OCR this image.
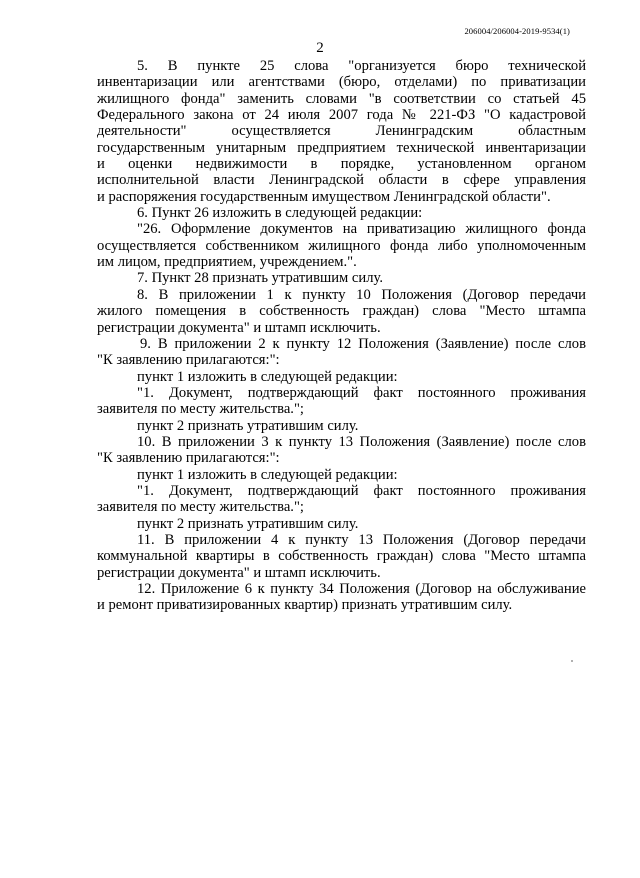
206004/206004-2019-9534(1)
2

5. В пункте 25 слова "организуется бюро технической

инвентаризации или агентствами (бюро, отделами) по приватизации

жилищного фонда" заменить словами "в соответствии со статьей 45

Федерального закона от 24 июля 2007 года № 221-ФЗ "О кадастровой

деятельности" осуществляется Ленинградским областным

государственным унитарным предприятием технической инвентаризации

и оценки недвижимости в порядке, установленном органом

исполнительной власти Ленинградской области в сфере управления

и распоряжения государственным имуществом Ленинградской области".

6. Пункт 26 изложить в следующей редакции:

"26. Оформление документов на приватизацию жилищного фонда

осуществляется собственником жилищного фонда либо уполномоченным

им лицом, предприятием, учреждением.".

7. Пункт 28 признать утратившим силу.

8. В приложении 1 к пункту 10 Положения (Договор передачи

жилого помещения в собственность граждан) слова "Место штампа

регистрации документа" и штамп исключить.

9. В приложении 2 к пункту 12 Положения (Заявление) после слов

"К заявлению прилагаются:":

пункт 1 изложить в следующей редакции:

"1. Документ, подтверждающий факт постоянного проживания

заявителя по месту жительства.";

пункт 2 признать утратившим силу.

10. В приложении 3 к пункту 13 Положения (Заявление) после слов

"К заявлению прилагаются:":

пункт 1 изложить в следующей редакции:

"1. Документ, подтверждающий факт постоянного проживания

заявителя по месту жительства.";

пункт 2 признать утратившим силу.

11. В приложении 4 к пункту 13 Положения (Договор передачи

коммунальной квартиры в собственность граждан) слова "Место штампа

регистрации документа" и штамп исключить.

12. Приложение 6 к пункту 34 Положения (Договор на обслуживание

и ремонт приватизированных квартир) признать утратившим силу.
